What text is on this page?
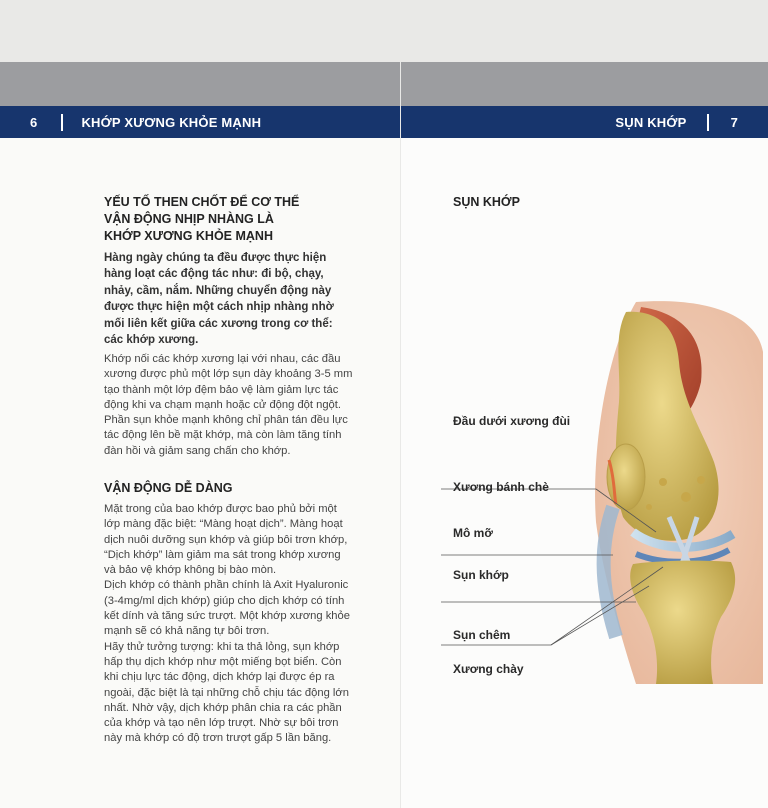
6	KHỚP XƯƠNG KHỎE MẠNH
YẾU TỐ THEN CHỐT ĐỂ CƠ THỂ
VẬN ĐỘNG NHỊP NHÀNG LÀ
KHỚP XƯƠNG KHỎE MẠNH
Hàng ngày chúng ta đều được thực hiện hàng loạt các động tác như: đi bộ, chạy, nhảy, cầm, nắm. Những chuyển động này được thực hiện một cách nhịp nhàng nhờ mối liên kết giữa các xương trong cơ thể: các khớp xương.
Khớp nối các khớp xương lại với nhau, các đầu xương được phủ một lớp sụn dày khoảng 3-5 mm tạo thành một lớp đệm bảo vệ làm giảm lực tác động khi va chạm mạnh hoặc cử động đột ngột. Phần sụn khỏe mạnh không chỉ phân tán đều lực tác động lên bề mặt khớp, mà còn làm tăng tính đàn hồi và giảm sang chấn cho khớp.
VẬN ĐỘNG DỄ DÀNG

Mặt trong của bao khớp được bao phủ bởi một lớp màng đặc biệt: “Màng hoạt dịch”. Màng hoạt dịch nuôi dưỡng sụn khớp và giúp bôi trơn khớp, “Dịch khớp” làm giảm ma sát trong khớp xương và bảo vệ khớp không bị bào mòn.

Dịch khớp có thành phần chính là Axit Hyaluronic (3-4mg/ml dịch khớp) giúp cho dịch khớp có tính kết dính và tăng sức trượt. Một khớp xương khỏe mạnh sẽ có khả năng tự bôi trơn.

Hãy thử tưởng tượng: khi ta thả lỏng, sụn khớp hấp thụ dịch khớp như một miếng bọt biển. Còn khi chịu lực tác động, dịch khớp lại được ép ra ngoài, đặc biệt là tại những chỗ chịu tác động lớn nhất. Nhờ vậy, dịch khớp phân chia ra các phần của khớp và tạo nên lớp trượt. Nhờ sự bôi trơn này mà khớp có độ trơn trượt gấp 5 lần băng.

SỤN KHỚP	7
SỤN KHỚP
Đầu dưới xương đùi
Xương bánh chè
Mô mỡ
Sụn khớp
Sụn chêm
Xương chày
